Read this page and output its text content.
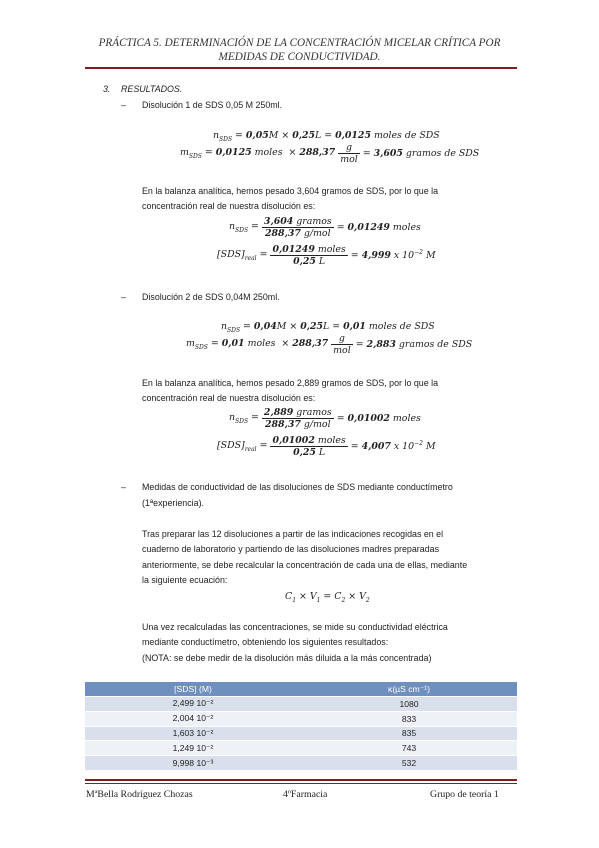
PRÁCTICA 5. DETERMINACIÓN DE LA CONCENTRACIÓN MICELAR CRÍTICA POR
MEDIDAS DE CONDUCTIVIDAD.
3. RESULTADOS.
– Disolución 1 de SDS 0,05 M 250ml.
$n_{SDS} = 0,05M \times 0,25L = 0,0125$ moles de SDS
$m_{SDS} = 0,0125$ moles  × $288,37 \frac{g}{\text{mol}} = 3,605$ gramos de SDS
En la balanza analítica, hemos pesado 3,604 gramos de SDS, por lo que la
concentración real de nuestra disolución es:
$n_{SDS} = \frac{\text{3,604 gramos}}{\text{288,37 g/mol}} = 0,01249$ moles
$[SDS]_{real} = \frac{\text{0,01249 moles}}{0,25 L} = 4,999$ x $10^{-2}$ M
– Disolución 2 de SDS 0,04M 250ml.
$n_{SDS} = 0,04M \times 0,25L = 0,01$ moles de SDS
$m_{SDS} = 0,01$ moles  × $288,37 \frac{g}{\text{mol}} = 2,883$ gramos de SDS
En la balanza analítica, hemos pesado 2,889 gramos de SDS, por lo que la
concentración real de nuestra disolución es:
$n_{SDS} = \frac{\text{2,889 gramos}}{\text{288,37 g/mol}} = 0,01002$ moles
$[SDS]_{real} = \frac{\text{0,01002 moles}}{0,25 L} = 4,007$ x $10^{-2}$ M
– Medidas de conductividad de las disoluciones de SDS mediante conductímetro
(1ªexperiencia).
Tras preparar las 12 disoluciones a partir de las indicaciones recogidas en el
cuaderno de laboratorio y partiendo de las disoluciones madres preparadas
anteriormente, se debe recalcular la concentración de cada una de ellas, mediante
la siguiente ecuación:
$C_1 \times V_1 = C_2 \times V_2$
Una vez recalculadas las concentraciones, se mide su conductividad eléctrica
mediante conductímetro, obteniendo los siguientes resultados:
(NOTA: se debe medir de la disolución más diluida a la más concentrada)
[SDS] (M)	κ(µS cm⁻¹)
2,499 10⁻²	1080
2,004 10⁻²	833
1,603 10⁻²	835
1,249 10⁻²	743
9,998 10⁻³	532
MªBella Rodríguez Chozas	4ºFarmacia	Grupo de teoría 1
